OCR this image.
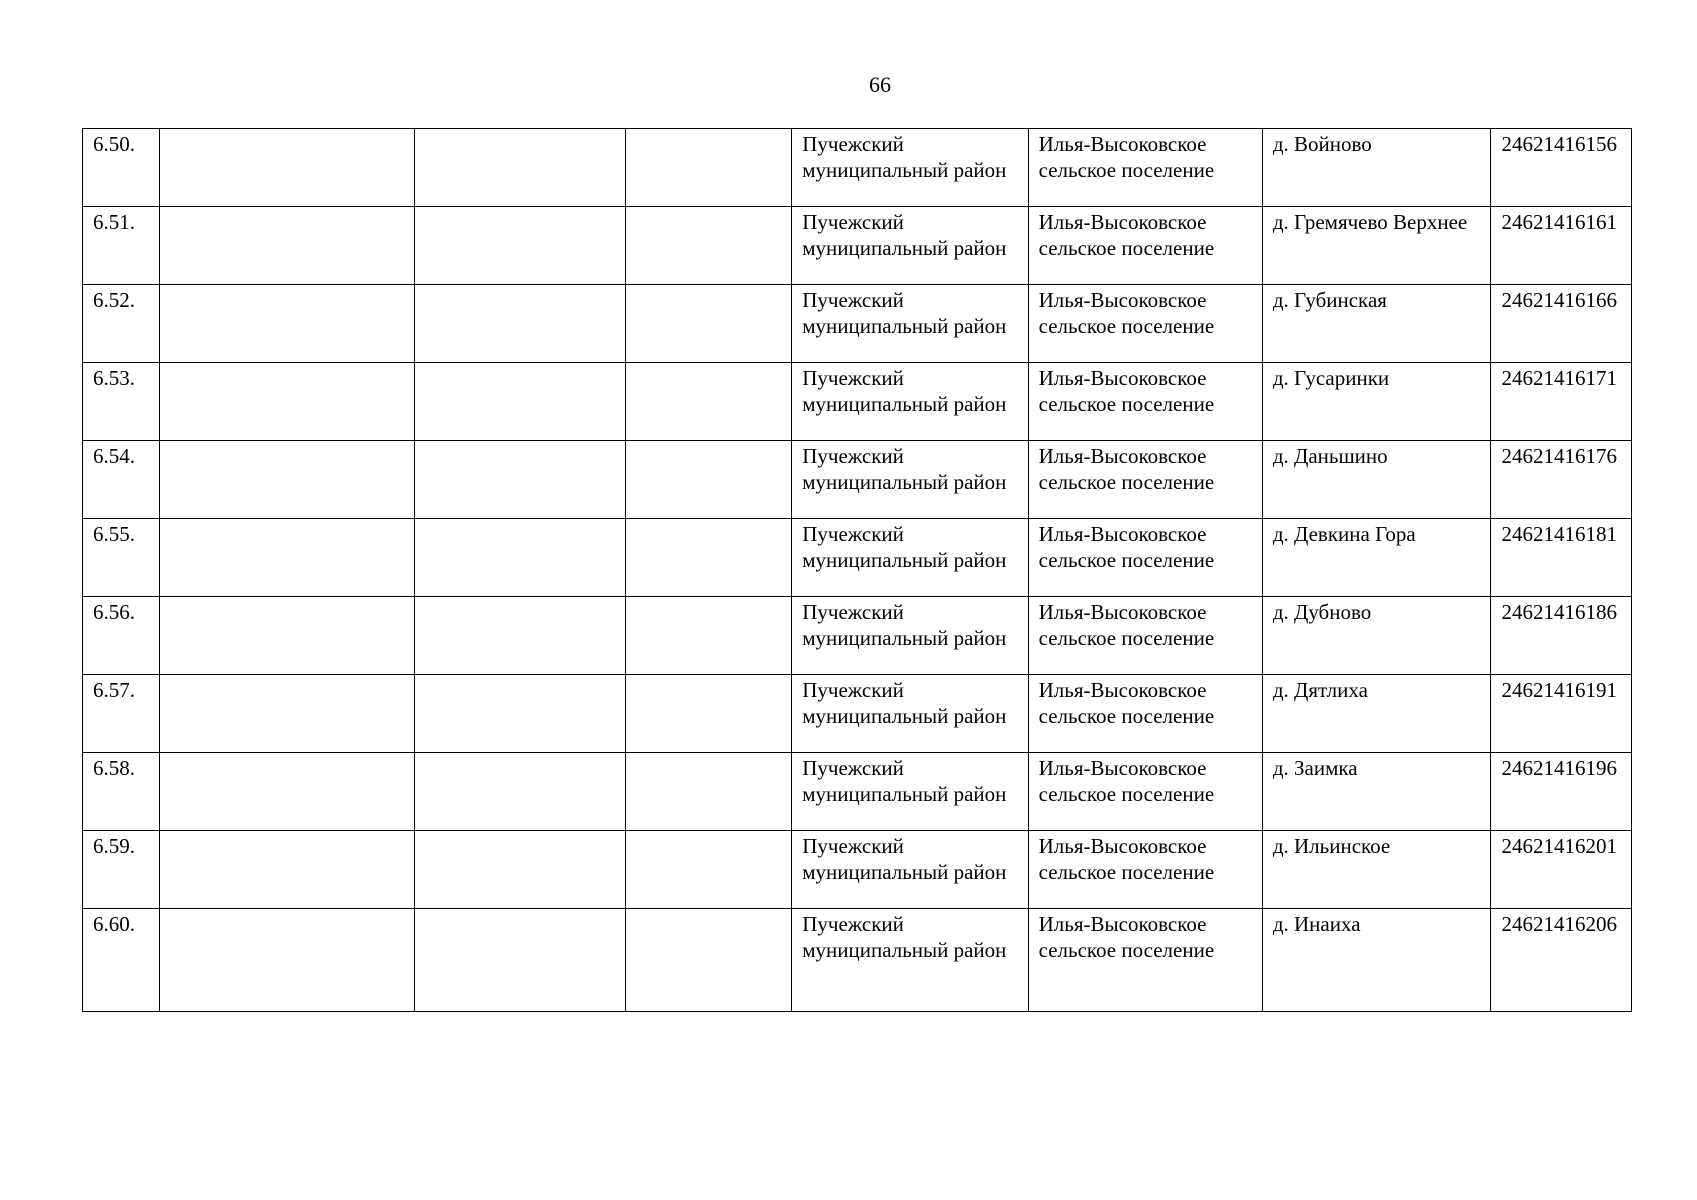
66
6.50.				Пучежский муниципальный район	Илья-Высоковское сельское поселение	д. Войново	24621416156
6.51.				Пучежский муниципальный район	Илья-Высоковское сельское поселение	д. Гремячево Верхнее	24621416161
6.52.				Пучежский муниципальный район	Илья-Высоковское сельское поселение	д. Губинская	24621416166
6.53.				Пучежский муниципальный район	Илья-Высоковское сельское поселение	д. Гусаринки	24621416171
6.54.				Пучежский муниципальный район	Илья-Высоковское сельское поселение	д. Даньшино	24621416176
6.55.				Пучежский муниципальный район	Илья-Высоковское сельское поселение	д. Девкина Гора	24621416181
6.56.				Пучежский муниципальный район	Илья-Высоковское сельское поселение	д. Дубново	24621416186
6.57.				Пучежский муниципальный район	Илья-Высоковское сельское поселение	д. Дятлиха	24621416191
6.58.				Пучежский муниципальный район	Илья-Высоковское сельское поселение	д. Заимка	24621416196
6.59.				Пучежский муниципальный район	Илья-Высоковское сельское поселение	д. Ильинское	24621416201
6.60.				Пучежский муниципальный район	Илья-Высоковское сельское поселение	д. Инаиха	24621416206
